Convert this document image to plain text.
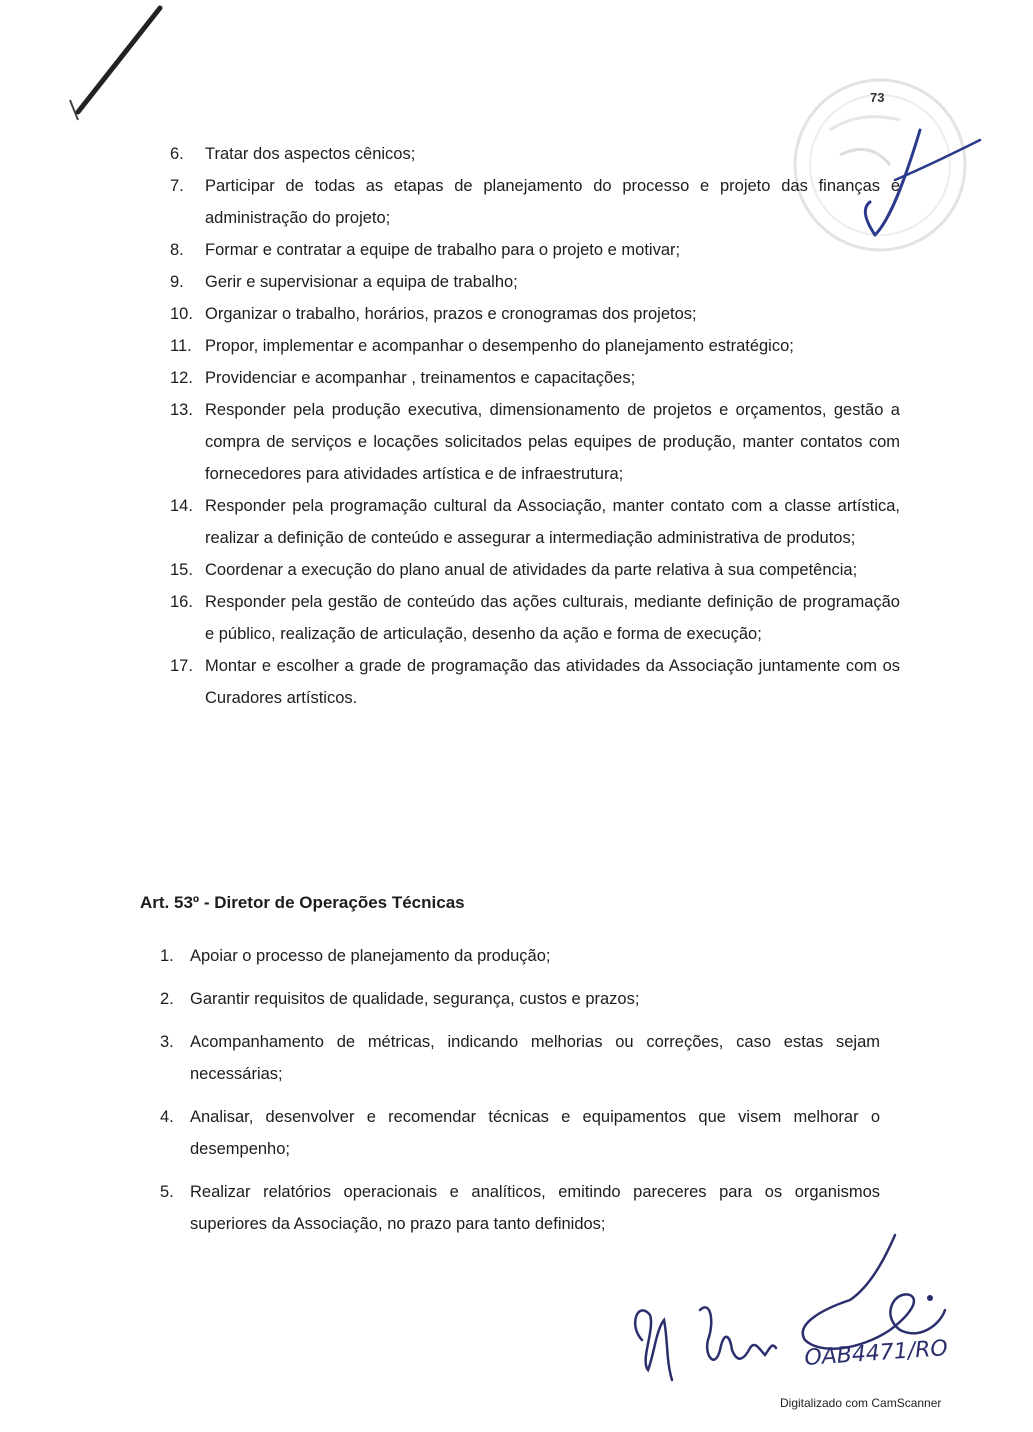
73
6. Tratar dos aspectos cênicos;
7. Participar de todas as etapas de planejamento do processo e projeto das finanças e administração do projeto;
8. Formar e contratar a equipe de trabalho para o projeto e motivar;
9. Gerir e supervisionar a equipa de trabalho;
10. Organizar o trabalho, horários, prazos e cronogramas dos projetos;
11. Propor, implementar e acompanhar o desempenho do planejamento estratégico;
12. Providenciar e acompanhar , treinamentos e capacitações;
13. Responder pela produção executiva, dimensionamento de projetos e orçamentos, gestão a compra de serviços e locações solicitados pelas equipes de produção, manter contatos com fornecedores para atividades artística e de infraestrutura;
14. Responder pela programação cultural da Associação, manter contato com a classe artística, realizar a definição de conteúdo e assegurar a intermediação administrativa de produtos;
15. Coordenar a execução do plano anual de atividades da parte relativa à sua competência;
16. Responder pela gestão de conteúdo das ações culturais, mediante definição de programação e público, realização de articulação, desenho da ação e forma de execução;
17. Montar e escolher a grade de programação das atividades da Associação juntamente com os Curadores artísticos.
Art. 53º - Diretor de Operações Técnicas
1. Apoiar o processo de planejamento da produção;
2. Garantir requisitos de qualidade, segurança, custos e prazos;
3. Acompanhamento de métricas, indicando melhorias ou correções, caso estas sejam necessárias;
4. Analisar, desenvolver e recomendar técnicas e equipamentos que visem melhorar o desempenho;
5. Realizar relatórios operacionais e analíticos, emitindo pareceres para os organismos superiores da Associação, no prazo para tanto definidos;
OAB4471/RO
Digitalizado com CamScanner
